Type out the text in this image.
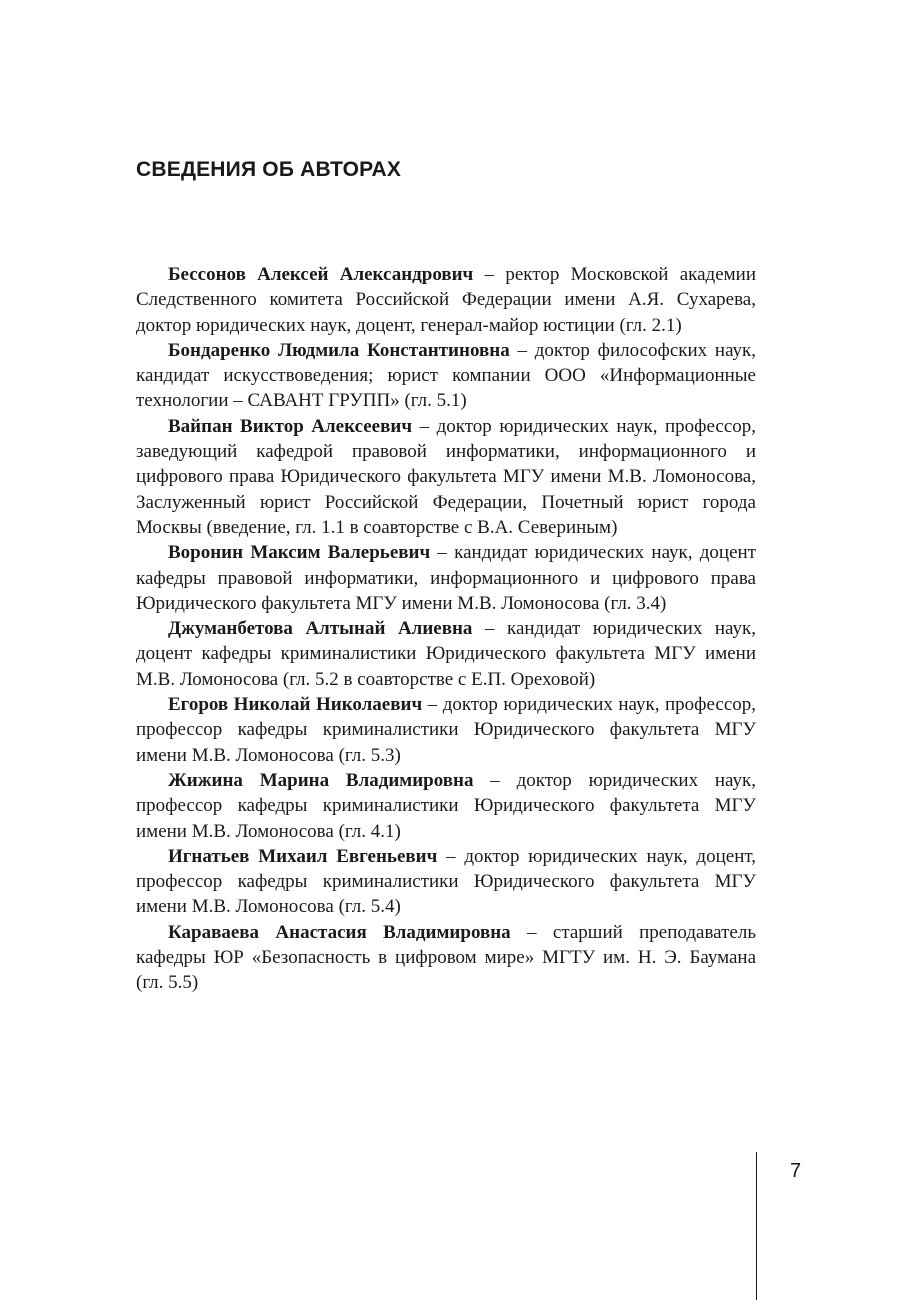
СВЕДЕНИЯ ОБ АВТОРАХ

Бессонов Алексей Александрович – ректор Московской академии Следственного комитета Российской Федерации имени А.Я. Сухарева, доктор юридических наук, доцент, генерал-майор юстиции (гл. 2.1)

Бондаренко Людмила Константиновна – доктор философских наук, кандидат искусствоведения; юрист компании ООО «Информационные технологии – САВАНТ ГРУПП» (гл. 5.1)

Вайпан Виктор Алексеевич – доктор юридических наук, профессор, заведующий кафедрой правовой информатики, информационного и цифрового права Юридического факультета МГУ имени М.В. Ломоносова, Заслуженный юрист Российской Федерации, Почетный юрист города Москвы (введение, гл. 1.1 в соавторстве с В.А. Севериным)

Воронин Максим Валерьевич – кандидат юридических наук, доцент кафедры правовой информатики, информационного и цифрового права Юридического факультета МГУ имени М.В. Ломоносова (гл. 3.4)

Джуманбетова Алтынай Алиевна – кандидат юридических наук, доцент кафедры криминалистики Юридического факультета МГУ имени М.В. Ломоносова (гл. 5.2 в соавторстве с Е.П. Ореховой)

Егоров Николай Николаевич – доктор юридических наук, профессор, профессор кафедры криминалистики Юридического факультета МГУ имени М.В. Ломоносова (гл. 5.3)

Жижина Марина Владимировна – доктор юридических наук, профессор кафедры криминалистики Юридического факультета МГУ имени М.В. Ломоносова (гл. 4.1)

Игнатьев Михаил Евгеньевич – доктор юридических наук, доцент, профессор кафедры криминалистики Юридического факультета МГУ имени М.В. Ломоносова (гл. 5.4)

Караваева Анастасия Владимировна – старший преподаватель кафедры ЮР «Безопасность в цифровом мире» МГТУ им. Н. Э. Баумана (гл. 5.5)

7
